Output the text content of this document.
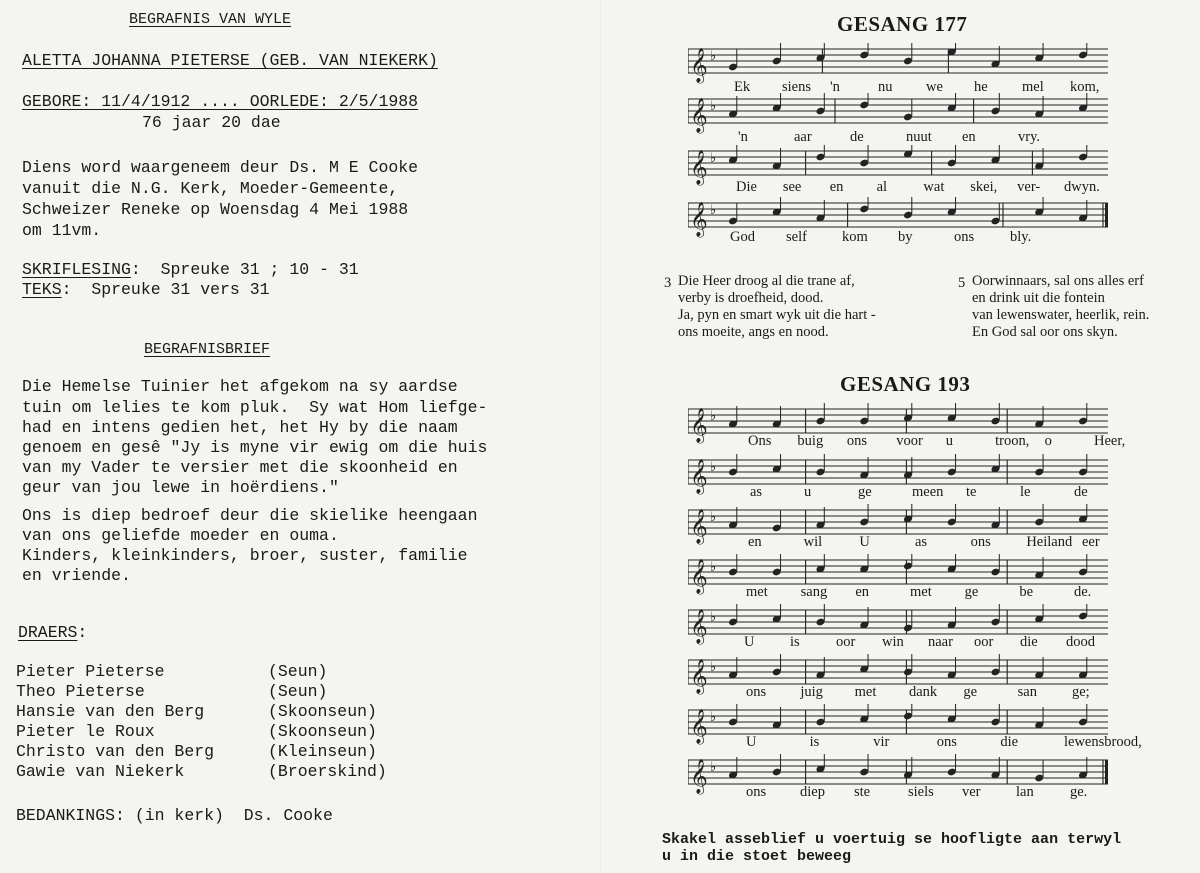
BEGRAFNIS VAN WYLE
ALETTA JOHANNA PIETERSE (GEB. VAN NIEKERK)
GEBORE: 11/4/1912 .... OORLEDE: 2/5/1988
76 jaar 20 dae
Diens word waargeneem deur Ds. M E Cooke
vanuit die N.G. Kerk, Moeder-Gemeente,
Schweizer Reneke op Woensdag 4 Mei 1988
om 11vm.
SKRIFLESING:  Spreuke 31 ; 10 - 31
TEKS:  Spreuke 31 vers 31
BEGRAFNISBRIEF
Die Hemelse Tuinier het afgekom na sy aardse
tuin om lelies te kom pluk.  Sy wat Hom liefge-
had en intens gedien het, het Hy by die naam
genoem en gesê "Jy is myne vir ewig om die huis
van my Vader te versier met die skoonheid en
geur van jou lewe in hoërdiens."
Ons is diep bedroef deur die skielike heengaan
van ons geliefde moeder en ouma.
Kinders, kleinkinders, broer, suster, familie
en vriende.
DRAERS:
Pieter Pieterse	(Seun)
Theo Pieterse	(Seun)
Hansie van den Berg	(Skoonseun)
Pieter le Roux	(Skoonseun)
Christo van den Berg	(Kleinseun)
Gawie van Niekerk	(Broerskind)
BEDANKINGS: (in kerk)  Ds. Cooke
GESANG 177
𝄞 ♭
Ek siens 'n	nu we he mel kom,
𝄞 ♭
'n	aar	de	nuut en	vry.
𝄞 ♭
Die see en al	wat skei, ver- dwyn.
𝄞 ♭
God self kom by	ons bly.
3 Die Heer droog al die trane af,
verby is droefheid, dood.
Ja, pyn en smart wyk uit die hart -
ons moeite, angs en nood.
5 Oorwinnaars, sal ons alles erf
en drink uit die fontein
van lewenswater, heerlik, rein.
En God sal oor ons skyn.
GESANG 193
𝄞 ♭
Ons buig ons voor u	troon, o	Heer,
𝄞 ♭
as	u	ge	meen te	le	de
𝄞 ♭
en	wil	U	as	ons Heiland eer
𝄞 ♭
met sang en	met ge	be	de.
𝄞 ♭
U is	oor win naar oor die dood
𝄞 ♭
ons juig met dank ge	san ge;
𝄞 ♭
U	is	vir	ons	die	lewensbrood,
𝄞 ♭
ons diep ste	siels ver lan	ge.
Skakel asseblief u voertuig se hoofligte aan terwyl
u in die stoet beweeg
